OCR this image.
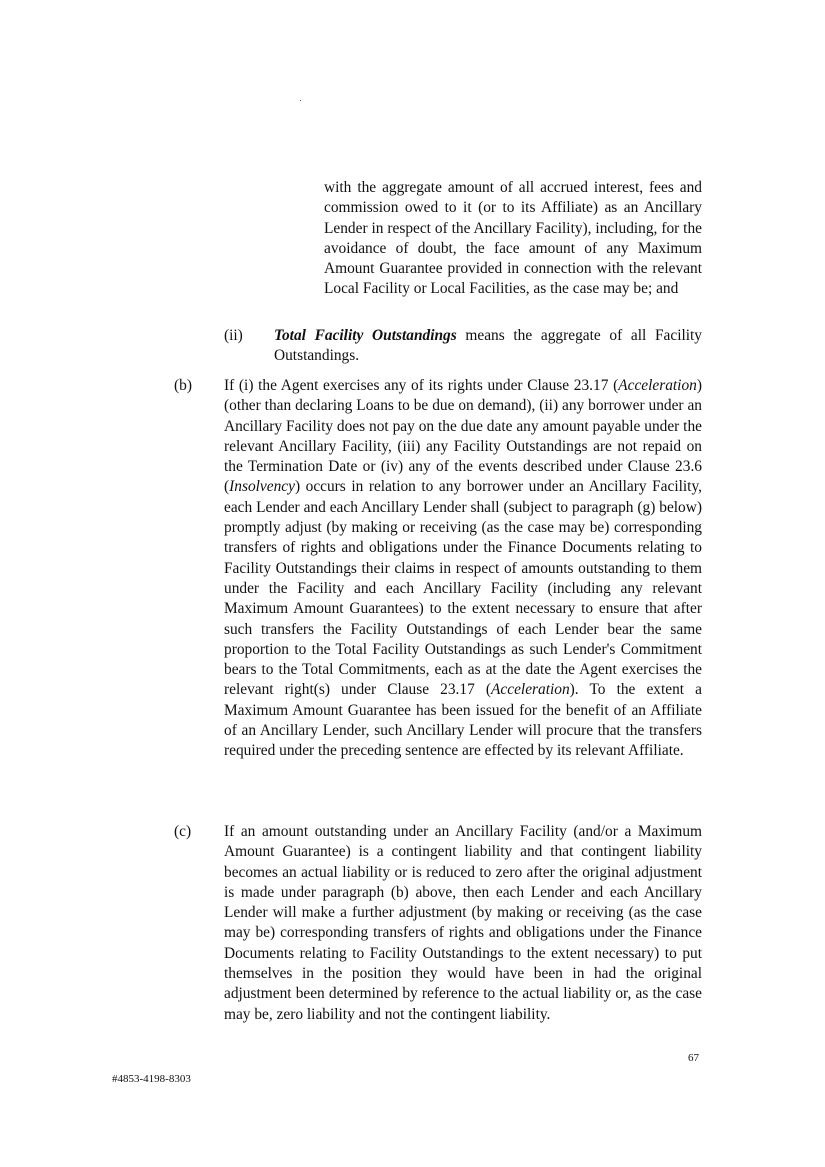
with the aggregate amount of all accrued interest, fees and commission owed to it (or to its Affiliate) as an Ancillary Lender in respect of the Ancillary Facility), including, for the avoidance of doubt, the face amount of any Maximum Amount Guarantee provided in connection with the relevant Local Facility or Local Facilities, as the case may be; and

(ii) Total Facility Outstandings means the aggregate of all Facility Outstandings.

(b) If (i) the Agent exercises any of its rights under Clause 23.17 (Acceleration) (other than declaring Loans to be due on demand), (ii) any borrower under an Ancillary Facility does not pay on the due date any amount payable under the relevant Ancillary Facility, (iii) any Facility Outstandings are not repaid on the Termination Date or (iv) any of the events described under Clause 23.6 (Insolvency) occurs in relation to any borrower under an Ancillary Facility, each Lender and each Ancillary Lender shall (subject to paragraph (g) below) promptly adjust (by making or receiving (as the case may be) corresponding transfers of rights and obligations under the Finance Documents relating to Facility Outstandings their claims in respect of amounts outstanding to them under the Facility and each Ancillary Facility (including any relevant Maximum Amount Guarantees) to the extent necessary to ensure that after such transfers the Facility Outstandings of each Lender bear the same proportion to the Total Facility Outstandings as such Lender's Commitment bears to the Total Commitments, each as at the date the Agent exercises the relevant right(s) under Clause 23.17 (Acceleration). To the extent a Maximum Amount Guarantee has been issued for the benefit of an Affiliate of an Ancillary Lender, such Ancillary Lender will procure that the transfers required under the preceding sentence are effected by its relevant Affiliate.

(c) If an amount outstanding under an Ancillary Facility (and/or a Maximum Amount Guarantee) is a contingent liability and that contingent liability becomes an actual liability or is reduced to zero after the original adjustment is made under paragraph (b) above, then each Lender and each Ancillary Lender will make a further adjustment (by making or receiving (as the case may be) corresponding transfers of rights and obligations under the Finance Documents relating to Facility Outstandings to the extent necessary) to put themselves in the position they would have been in had the original adjustment been determined by reference to the actual liability or, as the case may be, zero liability and not the contingent liability.

67
#4853-4198-8303
